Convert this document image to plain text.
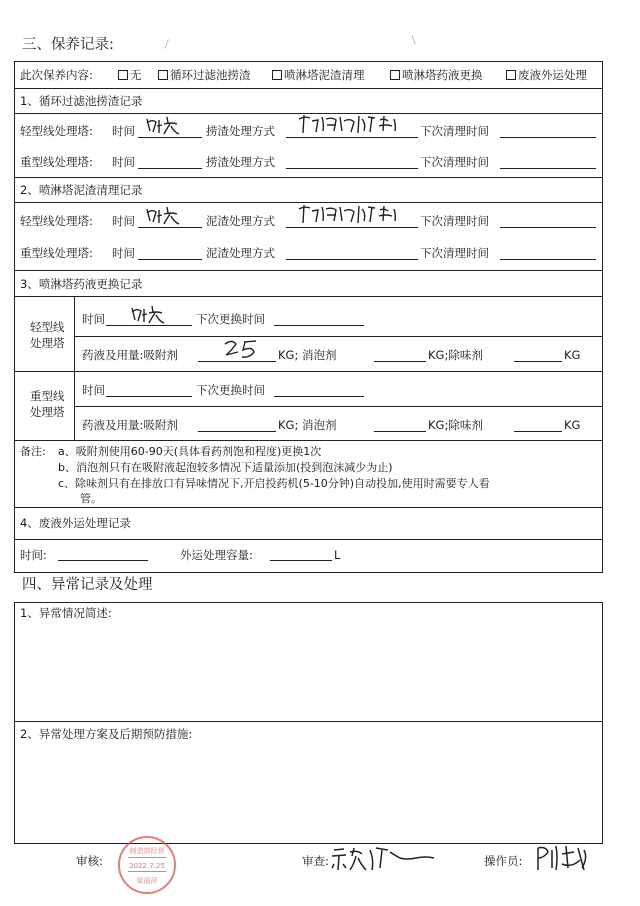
三、保养记录:
此次保养内容:	无	循环过滤池捞渣	喷淋塔泥渣清理	喷淋塔药液更换	废液外运处理
1、循环过滤池捞渣记录
轻型线处理塔: 时间	捞渣处理方式	下次清理时间
重型线处理塔: 时间	捞渣处理方式	下次清理时间
2、喷淋塔泥渣清理记录
轻型线处理塔: 时间	泥渣处理方式	下次清理时间
重型线处理塔: 时间	泥渣处理方式	下次清理时间
3、喷淋塔药液更换记录
轻型线
处理塔
时间	下次更换时间
药液及用量:吸附剂	KG; 消泡剂	KG;除味剂	KG
重型线
处理塔
时间	下次更换时间
药液及用量:吸附剂	KG; 消泡剂	KG;除味剂	KG
备注: a、吸附剂使用60-90天(具体看药剂饱和程度)更换1次
b、消泡剂只有在吸附液起泡较多情况下适量添加(投到泡沫减少为止)
c、除味剂只有在排放口有异味情况下,开启投药机(5-10分钟)自动投加,使用时需要专人看
管。
4、废液外运处理记录
时间:	外运处理容量:	L
四、异常记录及处理
1、异常情况简述:
2、异常处理方案及后期预防措施:
审核:
制造部经营
2022.7.25
梁丽萍
审查:	操作员:
